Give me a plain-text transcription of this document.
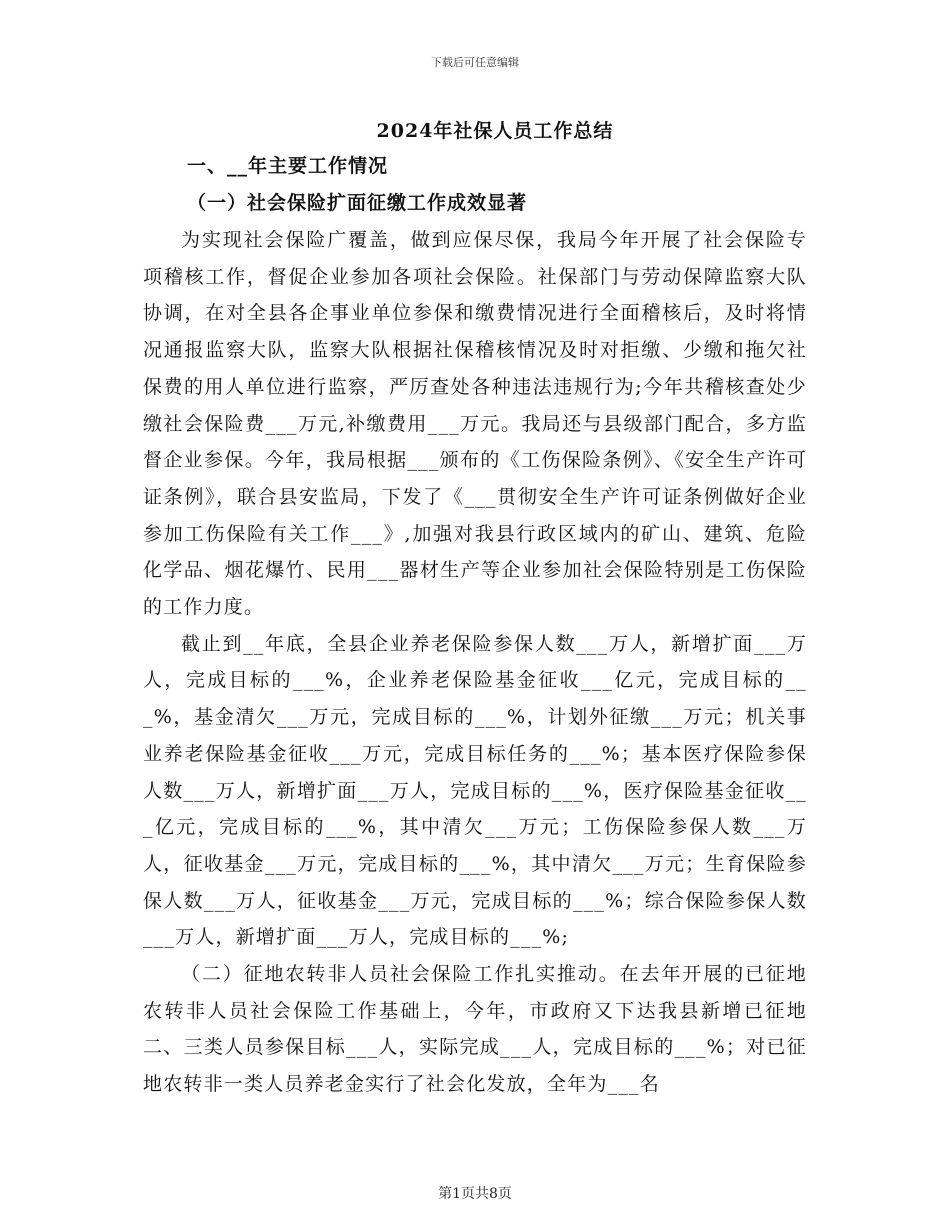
下载后可任意编辑
2024年社保人员工作总结
一、__年主要工作情况
（一）社会保险扩面征缴工作成效显著

为实现社会保险广覆盖，做到应保尽保，我局今年开展了社会保险专项稽核工作，督促企业参加各项社会保险。社保部门与劳动保障监察大队协调，在对全县各企事业单位参保和缴费情况进行全面稽核后，及时将情况通报监察大队，监察大队根据社保稽核情况及时对拒缴、少缴和拖欠社保费的用人单位进行监察，严厉查处各种违法违规行为;今年共稽核查处少缴社会保险费___万元,补缴费用___万元。我局还与县级部门配合，多方监督企业参保。今年，我局根据___颁布的《工伤保险条例》、《安全生产许可证条例》，联合县安监局，下发了《___贯彻安全生产许可证条例做好企业参加工伤保险有关工作___》,加强对我县行政区域内的矿山、建筑、危险化学品、烟花爆竹、民用___器材生产等企业参加社会保险特别是工伤保险的工作力度。

截止到__年底，全县企业养老保险参保人数___万人，新增扩面___万人，完成目标的___%，企业养老保险基金征收___亿元，完成目标的___%，基金清欠___万元，完成目标的___%，计划外征缴___万元；机关事业养老保险基金征收___万元，完成目标任务的___%；基本医疗保险参保人数___万人，新增扩面___万人，完成目标的___%，医疗保险基金征收___亿元，完成目标的___%，其中清欠___万元；工伤保险参保人数___万人，征收基金___万元，完成目标的___%，其中清欠___万元；生育保险参保人数___万人，征收基金___万元，完成目标的___%；综合保险参保人数___万人，新增扩面___万人，完成目标的___%;

（二）征地农转非人员社会保险工作扎实推动。在去年开展的已征地农转非人员社会保险工作基础上，今年，市政府又下达我县新增已征地二、三类人员参保目标___人，实际完成___人，完成目标的___%；对已征地农转非一类人员养老金实行了社会化发放，全年为___名

第1页共8页
